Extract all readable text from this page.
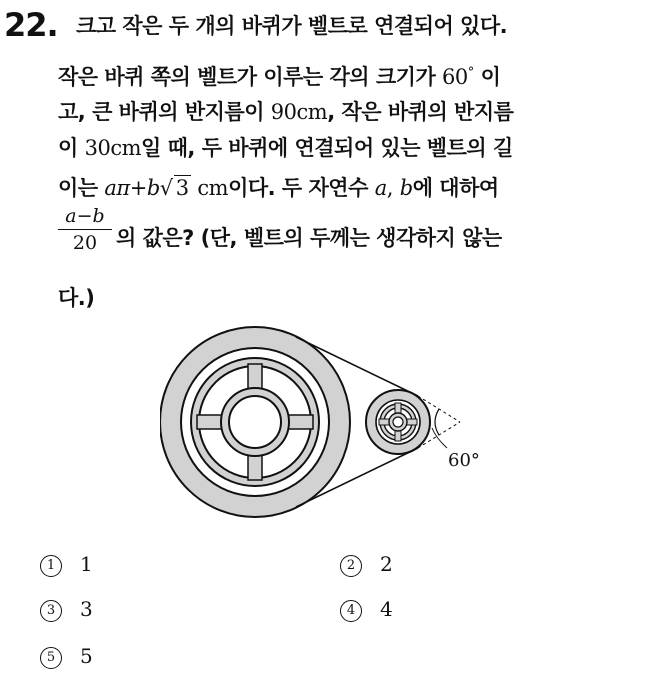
22. 크고 작은 두 개의 바퀴가 벨트로 연결되어 있다.
작은 바퀴 쪽의 벨트가 이루는 각의 크기가 60° 이
고, 큰 바퀴의 반지름이 90cm, 작은 바퀴의 반지름
이 30cm일 때, 두 바퀴에 연결되어 있는 벨트의 길
이는 aπ+b√ 3 cm이다. 두 자연수 a, b에 대하여
$\frac{a-b}{20}$ 의 값은? (단, 벨트의 두께는 생각하지 않는
다.)
60°
1 1	2 2
3 3	4 4
5 5
